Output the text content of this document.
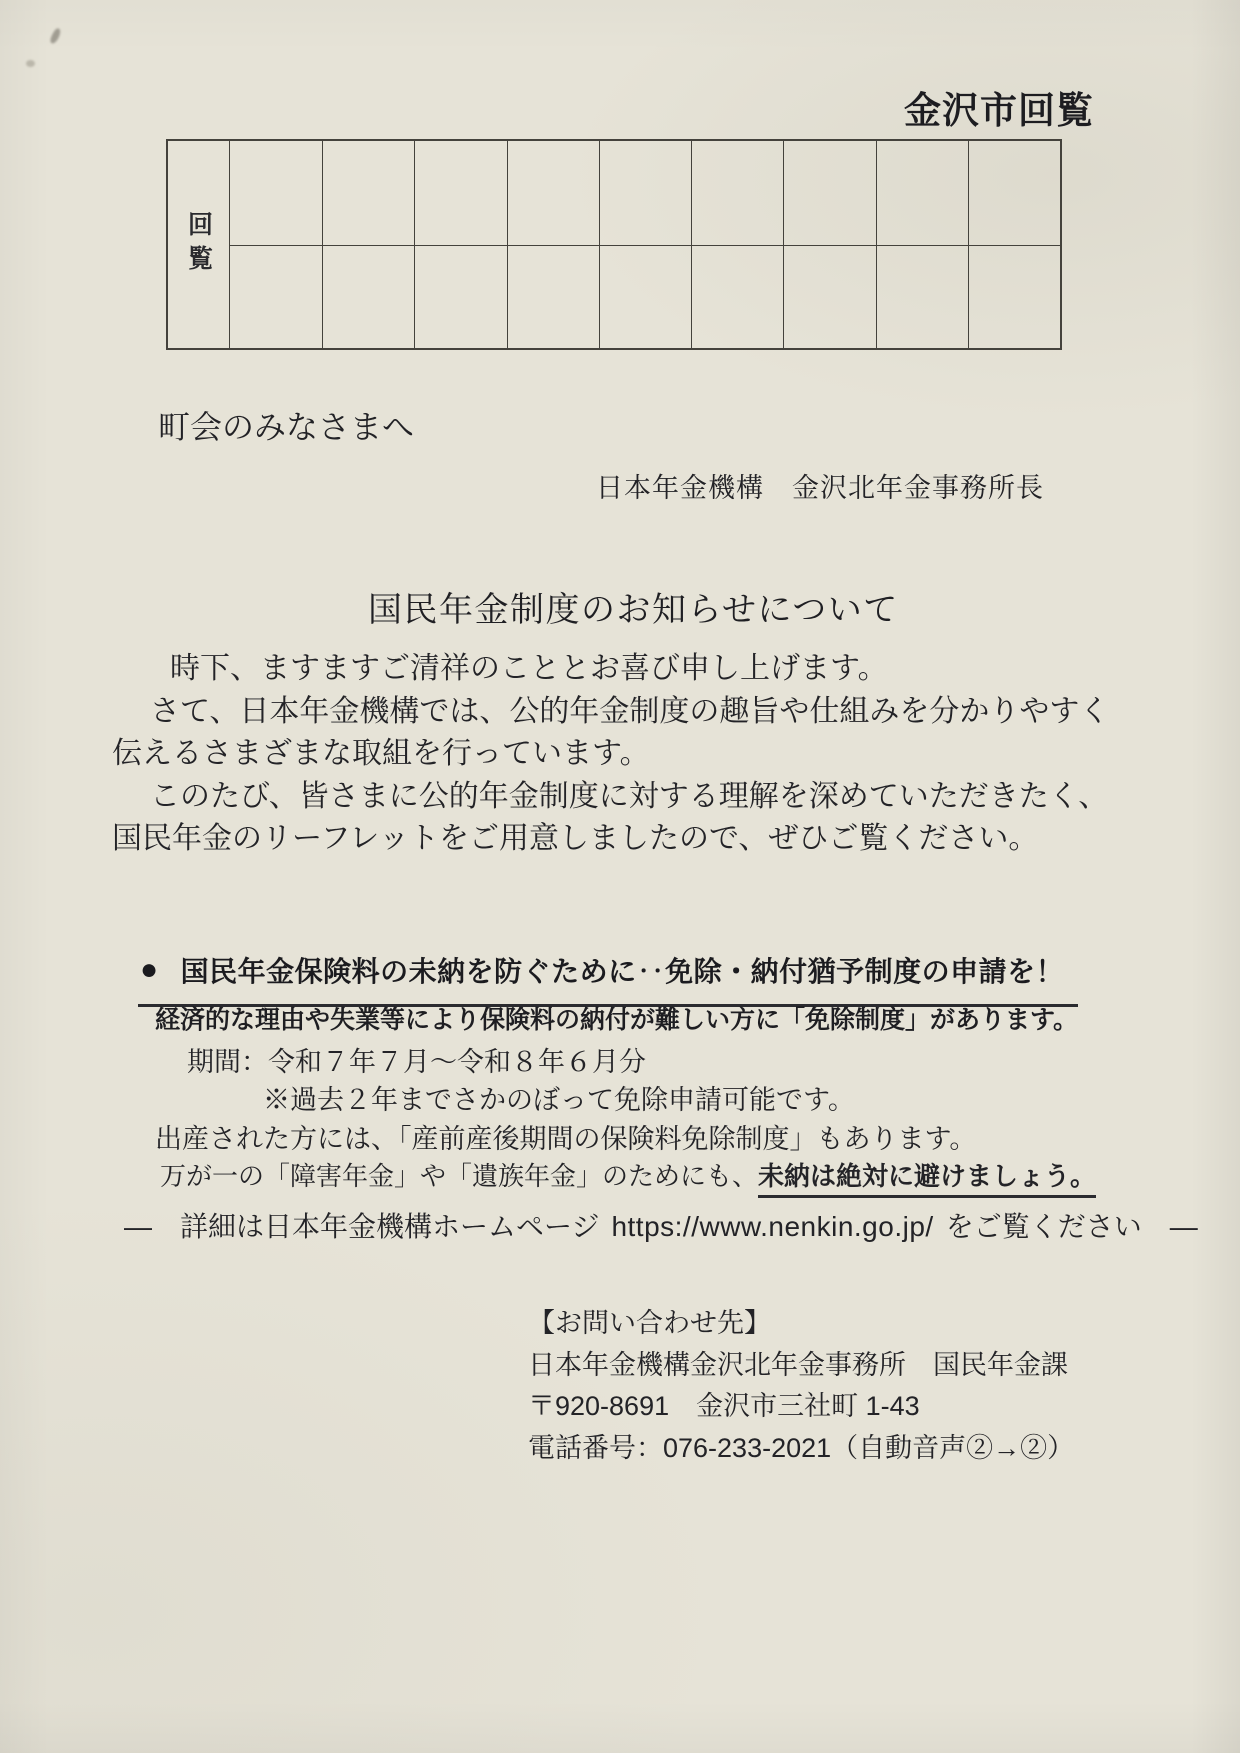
金沢市回覧
回覧
町会のみなさまへ
日本年金機構　金沢北年金事務所長
国民年金制度のお知らせについて
時下、ますますご清祥のこととお喜び申し上げます。
さて、日本年金機構では、公的年金制度の趣旨や仕組みを分かりやすく
伝えるさまざまな取組を行っています。
このたび、皆さまに公的年金制度に対する理解を深めていただきたく、
国民年金のリーフレットをご用意しましたので、ぜひご覧ください。
● 国民年金保険料の未納を防ぐために‥免除・納付猶予制度の申請を！
経済的な理由や失業等により保険料の納付が難しい方に「免除制度」があります。
期間：令和７年７月～令和８年６月分
※過去２年までさかのぼって免除申請可能です。
出産された方には、「産前産後期間の保険料免除制度」もあります。
万が一の「障害年金」や「遺族年金」のためにも、未納は絶対に避けましょう。
―　詳細は日本年金機構ホームページ https://www.nenkin.go.jp/ をご覧ください　―
【お問い合わせ先】
日本年金機構金沢北年金事務所　国民年金課
〒920-8691　金沢市三社町 1-43
電話番号：076-233-2021（自動音声②→②）
